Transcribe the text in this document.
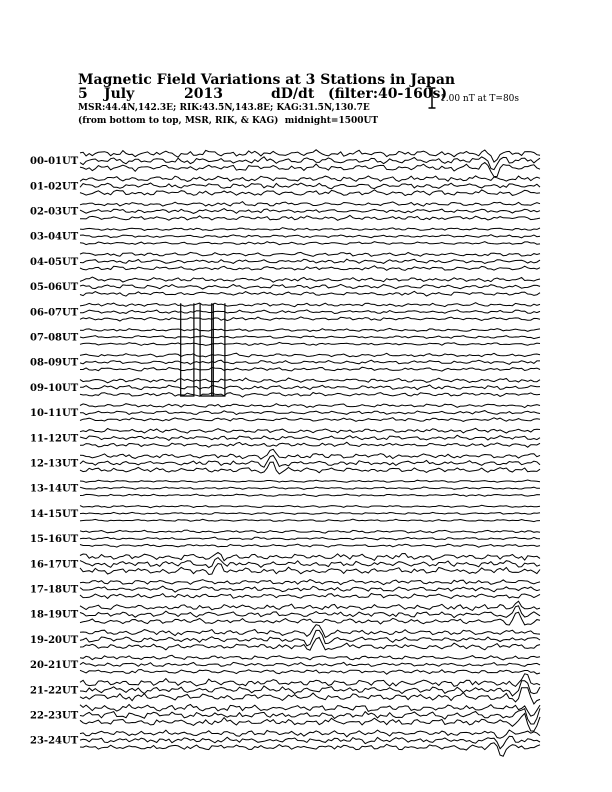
Magnetic Field Variations at 3 Stations in Japan
5 July	2013	dD/dt (filter:40-160s)
MSR:44.4N,142.3E; RIK:43.5N,143.8E; KAG:31.5N,130.7E
(from bottom to top, MSR, RIK, & KAG) midnight=1500UT
1.00 nT at T=80s
00-01UT
01-02UT
02-03UT
03-04UT
04-05UT
05-06UT
06-07UT
07-08UT
08-09UT
09-10UT
10-11UT
11-12UT
12-13UT
13-14UT
14-15UT
15-16UT
16-17UT
17-18UT
18-19UT
19-20UT
20-21UT
21-22UT
22-23UT
23-24UT
